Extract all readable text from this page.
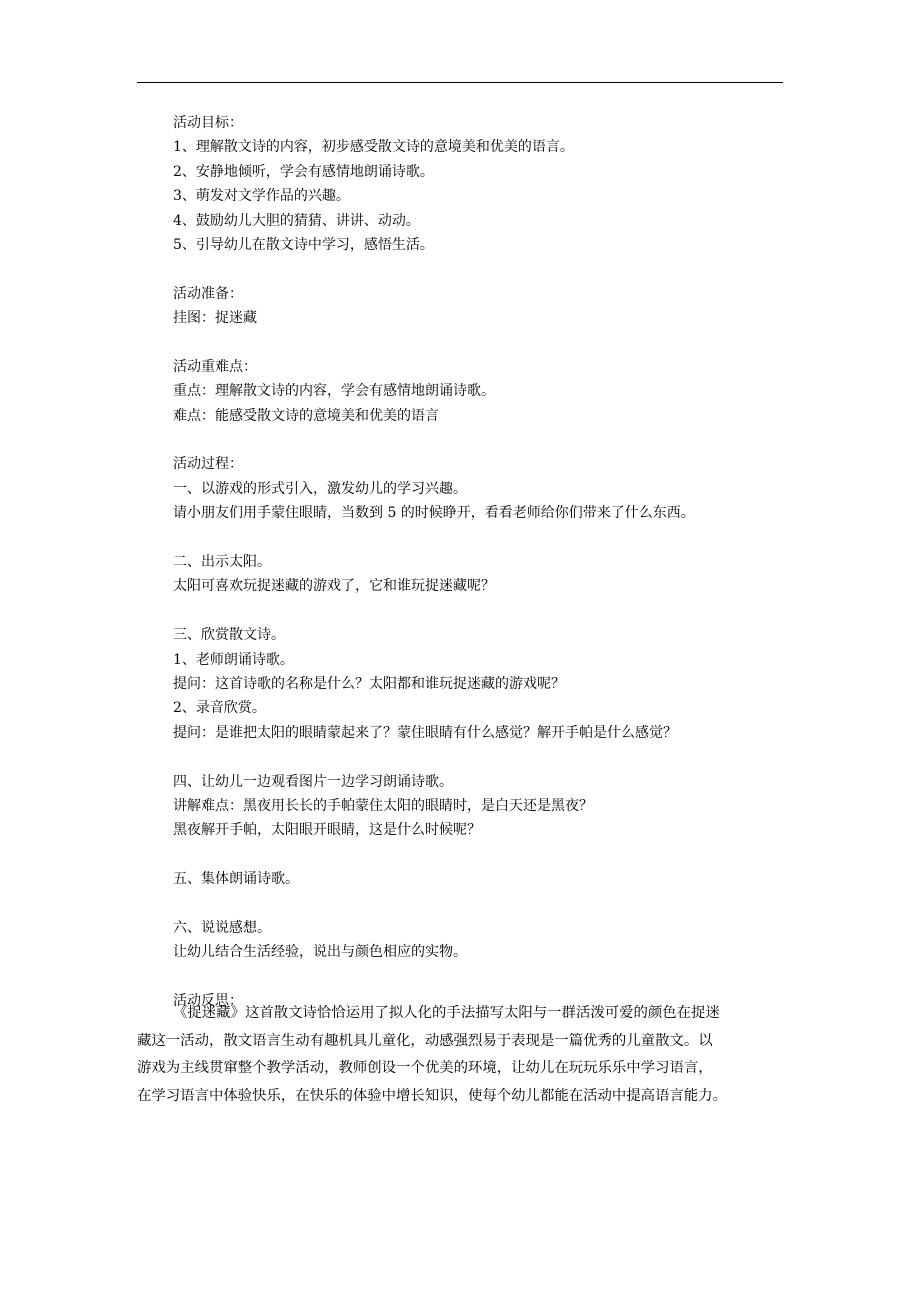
活动目标：
1、理解散文诗的内容，初步感受散文诗的意境美和优美的语言。
2、安静地倾听，学会有感情地朗诵诗歌。
3、萌发对文学作品的兴趣。
4、鼓励幼儿大胆的猜猜、讲讲、动动。
5、引导幼儿在散文诗中学习，感悟生活。
活动准备：
挂图：捉迷藏
活动重难点：
重点：理解散文诗的内容，学会有感情地朗诵诗歌。
难点：能感受散文诗的意境美和优美的语言
活动过程：
一、以游戏的形式引入，激发幼儿的学习兴趣。
请小朋友们用手蒙住眼睛，当数到 5 的时候睁开，看看老师给你们带来了什么东西。
二、出示太阳。
太阳可喜欢玩捉迷藏的游戏了，它和谁玩捉迷藏呢？
三、欣赏散文诗。
1、老师朗诵诗歌。
提问：这首诗歌的名称是什么？太阳都和谁玩捉迷藏的游戏呢？
2、录音欣赏。
提问：是谁把太阳的眼睛蒙起来了？蒙住眼睛有什么感觉？解开手帕是什么感觉？
四、让幼儿一边观看图片一边学习朗诵诗歌。
讲解难点：黑夜用长长的手帕蒙住太阳的眼睛时，是白天还是黑夜？
黑夜解开手帕，太阳眼开眼睛，这是什么时候呢？
五、集体朗诵诗歌。
六、说说感想。
让幼儿结合生活经验，说出与颜色相应的实物。
活动反思：
《捉迷藏》这首散文诗恰恰运用了拟人化的手法描写太阳与一群活泼可爱的颜色在捉迷
藏这一活动，散文语言生动有趣机具儿童化，动感强烈易于表现是一篇优秀的儿童散文。以
游戏为主线贯窜整个教学活动，教师创设一个优美的环境，让幼儿在玩玩乐乐中学习语言，
在学习语言中体验快乐，在快乐的体验中增长知识，使每个幼儿都能在活动中提高语言能力。
